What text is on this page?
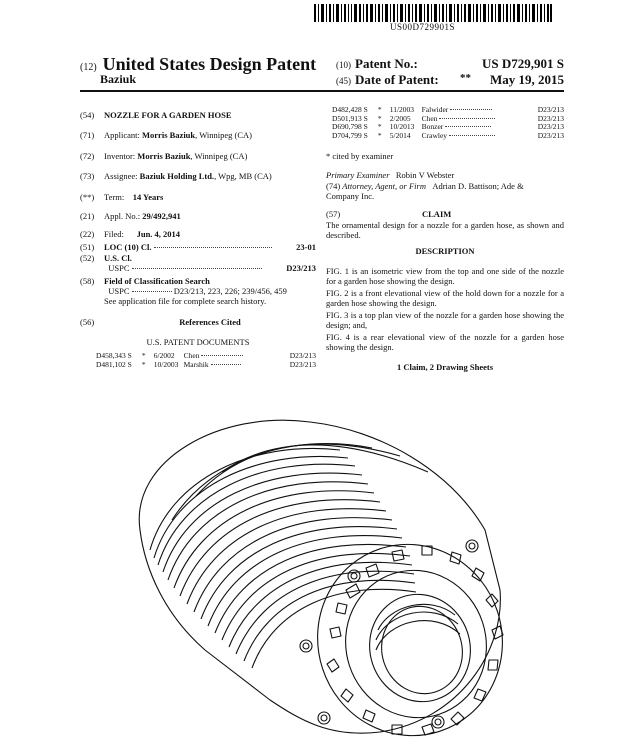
US00D729901S
(12) United States Design Patent
Baziuk
(10) Patent No.:	US D729,901 S
(45) Date of Patent: ** May 19, 2015
(54)	NOZZLE FOR A GARDEN HOSE
(71)	Applicant: Morris Baziuk, Winnipeg (CA)
(72)	Inventor: Morris Baziuk, Winnipeg (CA)
(73)	Assignee: Baziuk Holding Ltd., Wpg, MB (CA)
(**)	Term: 14 Years
(21)	Appl. No.: 29/492,941
(22)	Filed: Jun. 4, 2014
(51)	LOC (10) Cl.	23-01
(52)	U.S. Cl.
USPC	D23/213
(58)	Field of Classification Search
USPC	D23/213, 223, 226; 239/456, 459
See application file for complete search history.
(56)	References Cited
U.S. PATENT DOCUMENTS
D458,343 S * 6/2002 Chen	D23/213
D481,102 S * 10/2003 Marshik	D23/213
D482,428 S * 11/2003 Falwider	D23/213
D501,913 S * 2/2005 Chen	D23/213
D690,798 S * 10/2013 Bonzer	D23/213
D704,799 S * 5/2014 Crawley	D23/213
* cited by examiner
Primary Examiner Robin V Webster
(74) Attorney, Agent, or Firm Adrian D. Battison; Ade &
Company Inc.
(57)	CLAIM
The ornamental design for a nozzle for a garden hose, as shown and described.
DESCRIPTION
FIG. 1 is an isometric view from the top and one side of the nozzle for a garden hose showing the design.
FIG. 2 is a front elevational view of the hold down for a nozzle for a garden hose showing the design.
FIG. 3 is a top plan view of the nozzle for a garden hose showing the design; and,
FIG. 4 is a rear elevational view of the nozzle for a garden hose showing the design.
1 Claim, 2 Drawing Sheets
